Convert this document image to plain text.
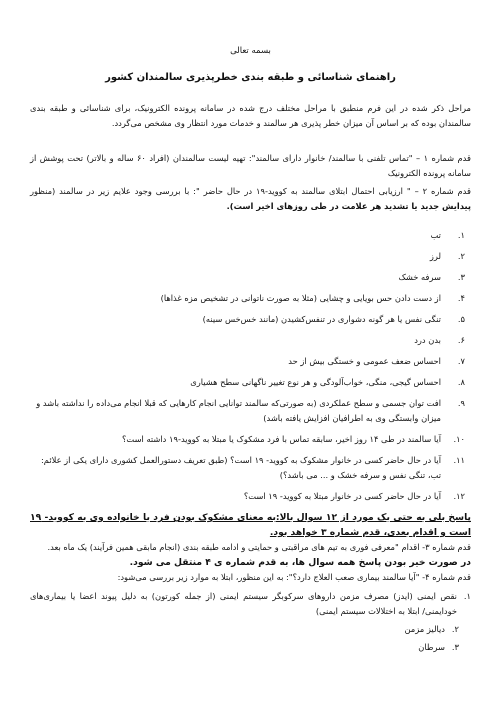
بسمه تعالی
راهنمای شناسائی و طبقه بندی خطرپذیری سالمندان کشور
مراحل ذکر شده در این فرم منطبق با مراحل مختلف درج شده در سامانه پرونده الکترونیک، برای شناسائی و طبقه بندی سالمندان بوده که بر اساس آن میزان خطر پذیری هر سالمند و خدمات مورد انتظار وی مشخص می‌گردد.
قدم شماره ۱ – "تماس تلفنی با سالمند/ خانوار دارای سالمند": تهیه لیست سالمندان (افراد ۶۰ ساله و بالاتر) تحت پوشش از سامانه پرونده الکترونیک
قدم شماره ۲ – " ارزیابی احتمال ابتلای سالمند به کووید-۱۹ در حال حاضر ": با بررسی وجود علایم زیر در سالمند (منظور پیدایش جدید یا تشدید هر علامت در طی روزهای اخیر است).
۱.
تب
۲.
لرز
۳.
سرفه خشک
۴.
از دست دادن حس بویایی و چشایی (مثلا به صورت ناتوانی در تشخیص مزه غذاها)
۵.
تنگی نفس یا هر گونه دشواری در تنفس‌کشیدن (مانند خس‌خس سینه)
۶.
بدن درد
۷.
احساس ضعف عمومی و خستگی بیش از حد
۸.
احساس گیجی، منگی، خواب‌آلودگی و هر نوع تغییر ناگهانی سطح هشیاری
۹.
افت توان جسمی و سطح عملکردی (به صورتی‌که سالمند توانایی انجام کارهایی که قبلا انجام می‌داده را نداشته باشد و میزان وابستگی وی به اطرافیان افزایش یافته باشد)
۱۰.
آیا سالمند در طی ۱۴ روز اخیر، سابقه تماس با فرد مشکوک یا مبتلا به کووید-۱۹ داشته است؟
۱۱.
آیا در حال حاضر کسی در خانوار مشکوک به کووید- ۱۹ است؟ (طبق تعریف دستورالعمل کشوری دارای یکی از علائم: تب، تنگی نفس و سرفه خشک و ... می باشد؟)
۱۲.
آیا در حال حاضر کسی در خانوار مبتلا به کووید- ۱۹ است؟
پاسخ بلی به حتی یک مورد از ۱۲ سوال بالا:به معنای مشکوک بودن فرد یا خانواده وی به کووید- ۱۹ است و اقدام بعدی، قدم شماره ۳ خواهد بود.
قدم شماره ۳- اقدام "معرفی فوری به تیم های مراقبتی و حمایتی و ادامه طبقه بندی (انجام مابقی همین فرآیند) یک ماه بعد.
در صورت خیر بودن پاسخ همه سوال ها، به قدم شماره ی ۴ منتقل می شود.
قدم شماره ۴- "آیا سالمند بیماری صعب العلاج دارد؟": به این منظور، ابتلا به موارد زیر بررسی می‌شود:
۱.
نقص ایمنی (ایدز) مصرف مزمن داروهای سرکوبگر سیستم ایمنی (از جمله کورتون) به دلیل پیوند اعضا یا بیماری‌های خودایمنی/ ابتلا به اختلالات سیستم ایمنی)
۲.
دیالیز مزمن
۳.
سرطان
